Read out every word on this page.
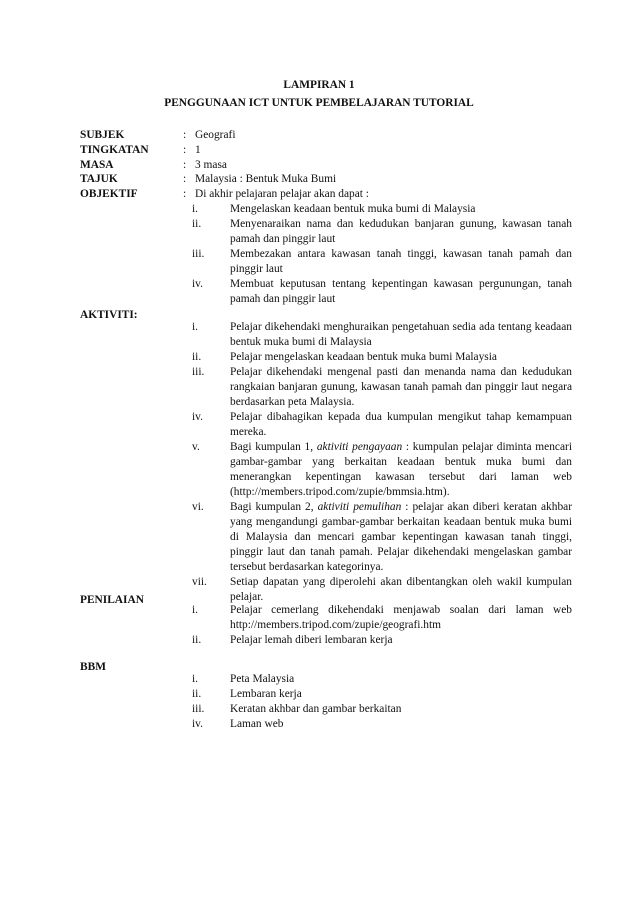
LAMPIRAN 1
PENGGUNAAN ICT UNTUK PEMBELAJARAN TUTORIAL
SUBJEK	: Geografi
TINGKATAN	: 1
MASA	: 3 masa
TAJUK	: Malaysia : Bentuk Muka Bumi
OBJEKTIF	: Di akhir pelajaran pelajar akan dapat :
i.	Mengelaskan keadaan bentuk muka bumi di Malaysia
ii.	Menyenaraikan nama dan kedudukan banjaran gunung, kawasan tanah pamah dan pinggir laut
iii.	Membezakan antara kawasan tanah tinggi, kawasan tanah pamah dan pinggir laut
iv.	Membuat keputusan tentang kepentingan kawasan pergunungan, tanah pamah dan pinggir laut
AKTIVITI:
i.	Pelajar dikehendaki menghuraikan pengetahuan sedia ada tentang keadaan bentuk muka bumi di Malaysia
ii.	Pelajar mengelaskan keadaan bentuk muka bumi Malaysia
iii.	Pelajar dikehendaki mengenal pasti dan menanda nama dan kedudukan rangkaian banjaran gunung, kawasan tanah pamah dan pinggir laut negara berdasarkan peta Malaysia.
iv.	Pelajar dibahagikan kepada dua kumpulan mengikut tahap kemampuan mereka.
v.	Bagi kumpulan 1, aktiviti pengayaan : kumpulan pelajar diminta mencari gambar-gambar yang berkaitan keadaan bentuk muka bumi dan menerangkan kepentingan kawasan tersebut dari laman web (http://members.tripod.com/zupie/bmmsia.htm).
vi.	Bagi kumpulan 2, aktiviti pemulihan : pelajar akan diberi keratan akhbar yang mengandungi gambar-gambar berkaitan keadaan bentuk muka bumi di Malaysia dan mencari gambar kepentingan kawasan tanah tinggi, pinggir laut dan tanah pamah. Pelajar dikehendaki mengelaskan gambar tersebut berdasarkan kategorinya.
vii.	Setiap dapatan yang diperolehi akan dibentangkan oleh wakil kumpulan pelajar.
PENILAIAN
i.	Pelajar cemerlang dikehendaki menjawab soalan dari laman web http://members.tripod.com/zupie/geografi.htm
ii.	Pelajar lemah diberi lembaran kerja
BBM
i.	Peta Malaysia
ii.	Lembaran kerja
iii.	Keratan akhbar dan gambar berkaitan
iv.	Laman web
